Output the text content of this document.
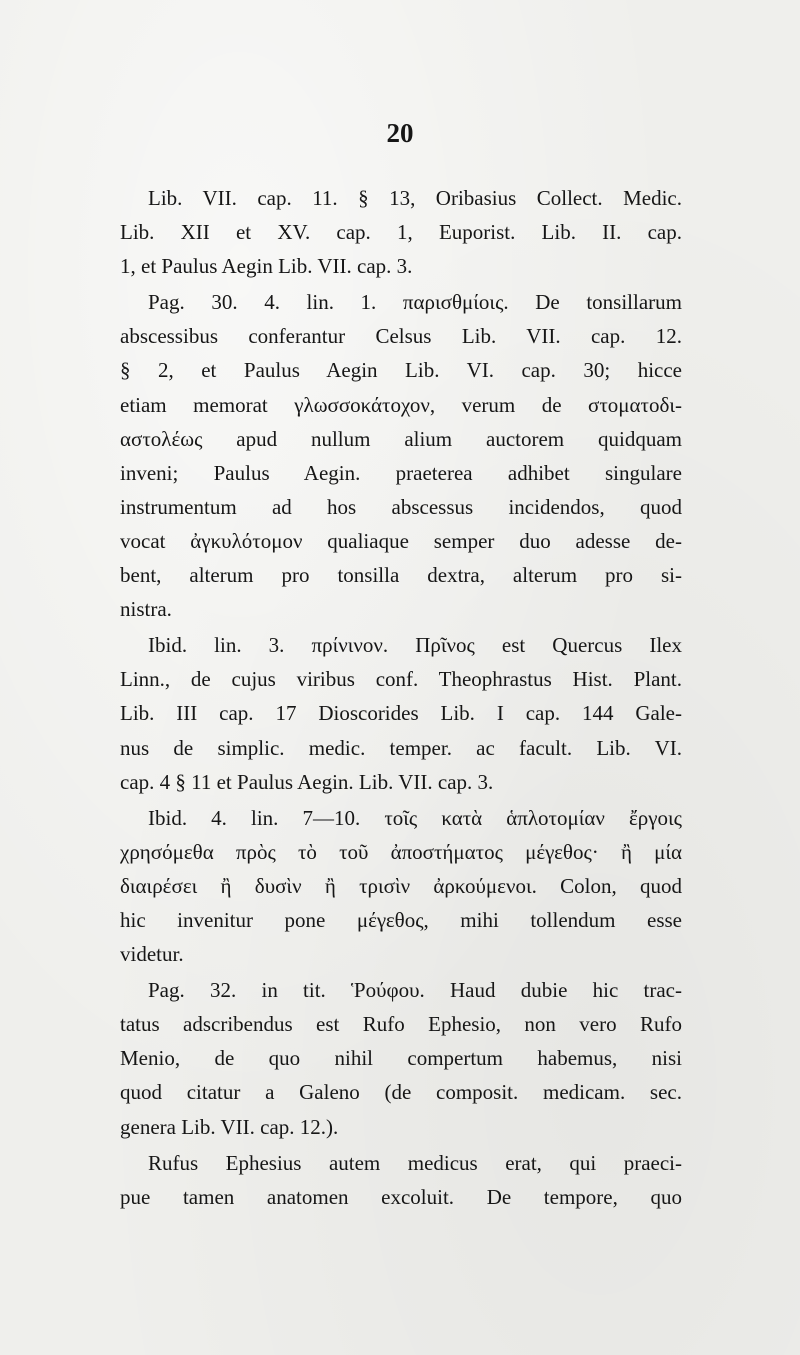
20
Lib. VII. cap. 11. § 13, Oribasius Collect. Medic.
Lib. XII et XV. cap. 1, Euporist. Lib. II. cap.
1, et Paulus Aegin Lib. VII. cap. 3.
Pag. 30. 4. lin. 1. παρισθμίοις. De tonsillarum
abscessibus conferantur Celsus Lib. VII. cap. 12.
§ 2, et Paulus Aegin Lib. VI. cap. 30; hicce
etiam memorat γλωσσοκάτοχον, verum de στοματοδι-
αστολέως apud nullum alium auctorem quidquam
inveni; Paulus Aegin. praeterea adhibet singulare
instrumentum ad hos abscessus incidendos, quod
vocat ἀγκυλότομον qualiaque semper duo adesse de-
bent, alterum pro tonsilla dextra, alterum pro si-
nistra.
Ibid. lin. 3. πρίνινον. Πρῖνος est Quercus Ilex
Linn., de cujus viribus conf. Theophrastus Hist. Plant.
Lib. III cap. 17 Dioscorides Lib. I cap. 144 Gale-
nus de simplic. medic. temper. ac facult. Lib. VI.
cap. 4 § 11 et Paulus Aegin. Lib. VII. cap. 3.
Ibid. 4. lin. 7—10. τοῖς κατὰ ἁπλοτομίαν ἔργοις
χρησόμεθα πρὸς τὸ τοῦ ἀποστήματος μέγεθος· ἢ μία
διαιρέσει ἢ δυσὶν ἢ τρισὶν ἀρκούμενοι. Colon, quod
hic invenitur pone μέγεθος, mihi tollendum esse
videtur.
Pag. 32. in tit. Ῥούφου. Haud dubie hic trac-
tatus adscribendus est Rufo Ephesio, non vero Rufo
Menio, de quo nihil compertum habemus, nisi
quod citatur a Galeno (de composit. medicam. sec.
genera Lib. VII. cap. 12.).
Rufus Ephesius autem medicus erat, qui praeci-
pue tamen anatomen excoluit. De tempore, quo
